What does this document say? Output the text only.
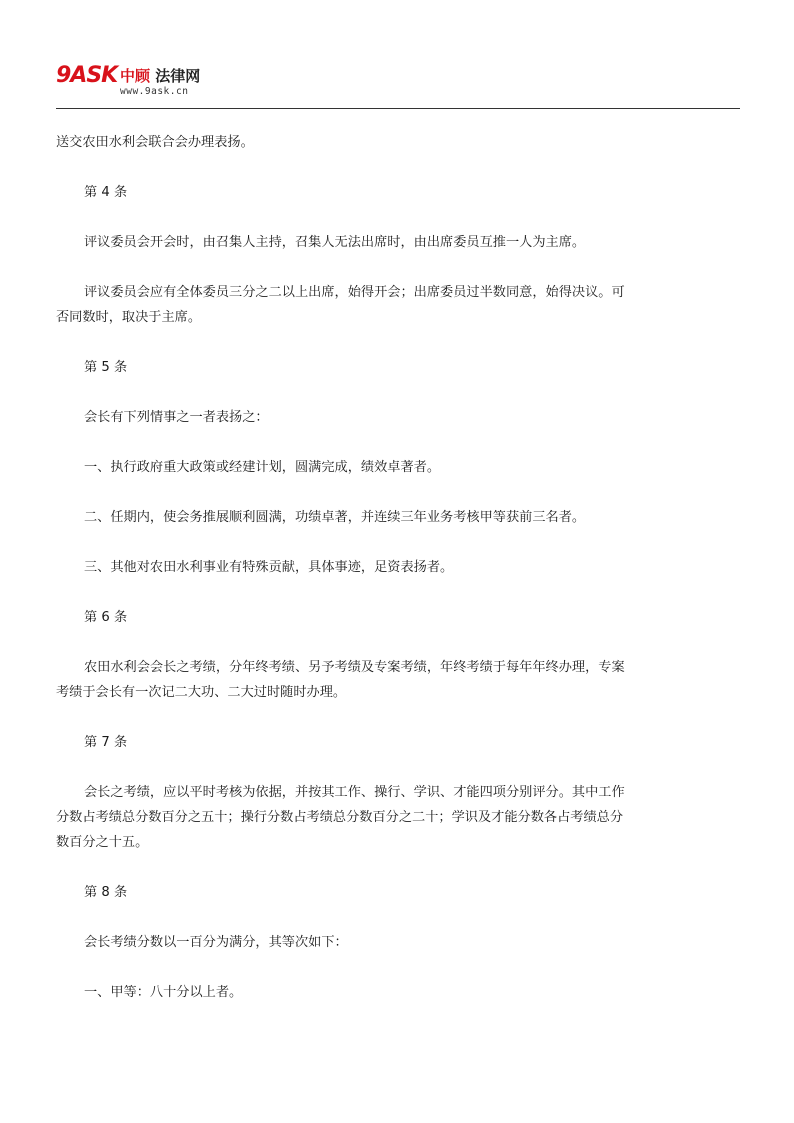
9ASK 中顾 法律网
www.9ask.cn

送交农田水利会联合会办理表扬。

第 4 条

评议委员会开会时，由召集人主持，召集人无法出席时，由出席委员互推一人为主席。

评议委员会应有全体委员三分之二以上出席，始得开会；出席委员过半数同意，始得决议。可否同数时，取决于主席。

第 5 条

会长有下列情事之一者表扬之：

一、执行政府重大政策或经建计划，圆满完成，绩效卓著者。

二、任期内，使会务推展顺利圆满，功绩卓著，并连续三年业务考核甲等获前三名者。

三、其他对农田水利事业有特殊贡献，具体事迹，足资表扬者。

第 6 条

农田水利会会长之考绩，分年终考绩、另予考绩及专案考绩，年终考绩于每年年终办理，专案考绩于会长有一次记二大功、二大过时随时办理。

第 7 条

会长之考绩，应以平时考核为依据，并按其工作、操行、学识、才能四项分别评分。其中工作分数占考绩总分数百分之五十；操行分数占考绩总分数百分之二十；学识及才能分数各占考绩总分数百分之十五。

第 8 条

会长考绩分数以一百分为满分，其等次如下：

一、甲等：八十分以上者。
